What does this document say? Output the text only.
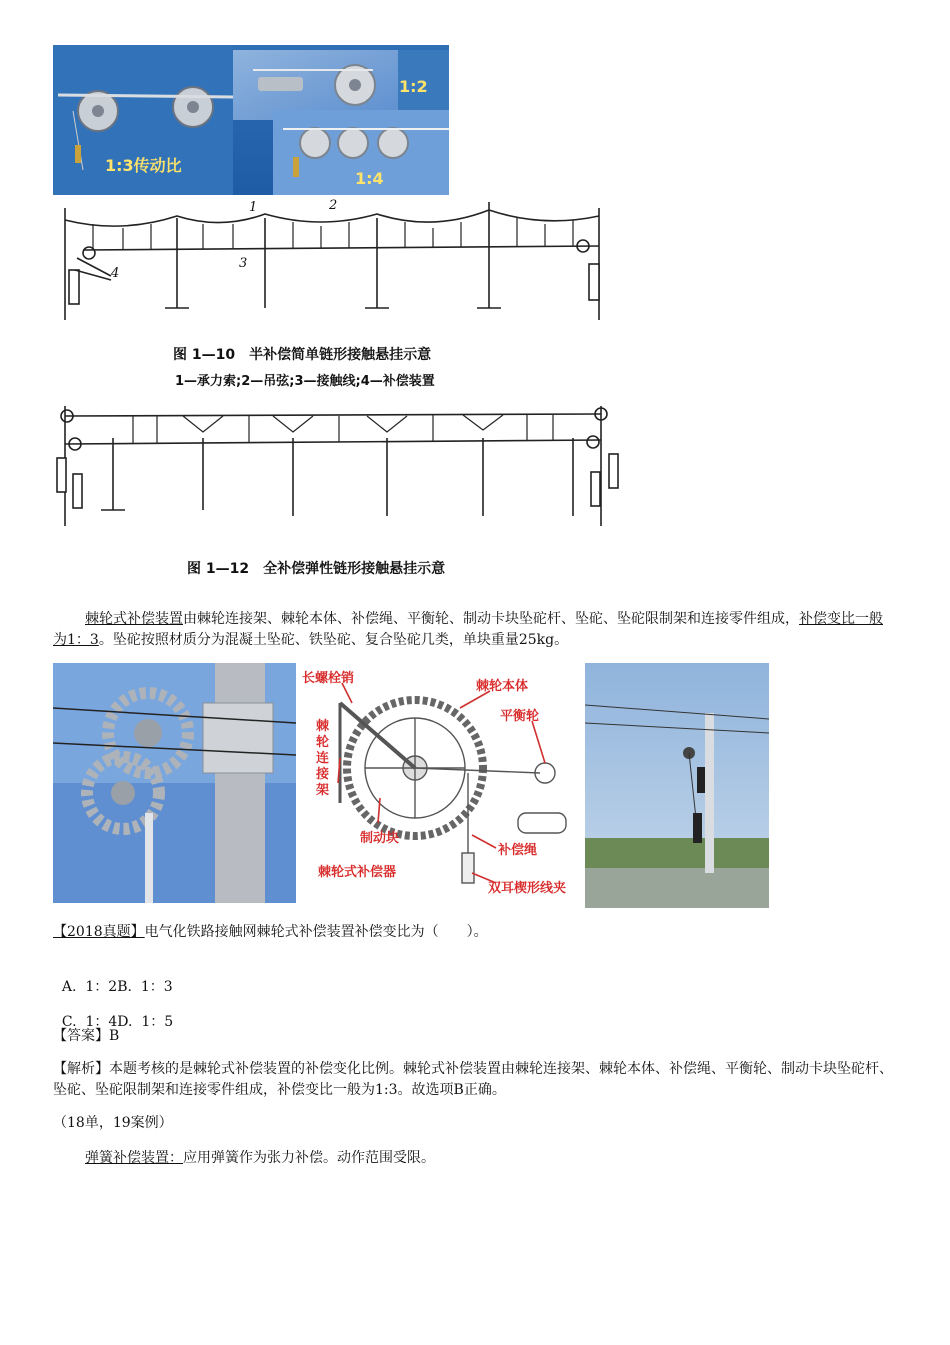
1:3传动比
1:2
1:4
1	2
3
4
图 1—10　半补偿简单链形接触悬挂示意
1—承力索;2—吊弦;3—接触线;4—补偿装置
图 1—12　全补偿弹性链形接触悬挂示意

棘轮式补偿装置由棘轮连接架、棘轮本体、补偿绳、平衡轮、制动卡块坠砣杆、坠砣、坠砣限制架和连接零件组成，补偿变比一般为1：3。坠砣按照材质分为混凝土坠砣、铁坠砣、复合坠砣几类，单块重量25kg。

长螺栓销
棘轮本体
平衡轮
棘轮连接架
制动块
补偿绳
棘轮式补偿器
双耳楔形线夹
【2018真题】电气化铁路接触网棘轮式补偿装置补偿变比为（　　）。

A.  1：2B.  1：3

C.  1：4D.  1：5

【答案】B
【解析】本题考核的是棘轮式补偿装置的补偿变化比例。棘轮式补偿装置由棘轮连接架、棘轮本体、补偿绳、平衡轮、制动卡块坠砣杆、坠砣、坠砣限制架和连接零件组成，补偿变比一般为1:3。故选项B正确。
（18单，19案例）
弹簧补偿装置：应用弹簧作为张力补偿。动作范围受限。
